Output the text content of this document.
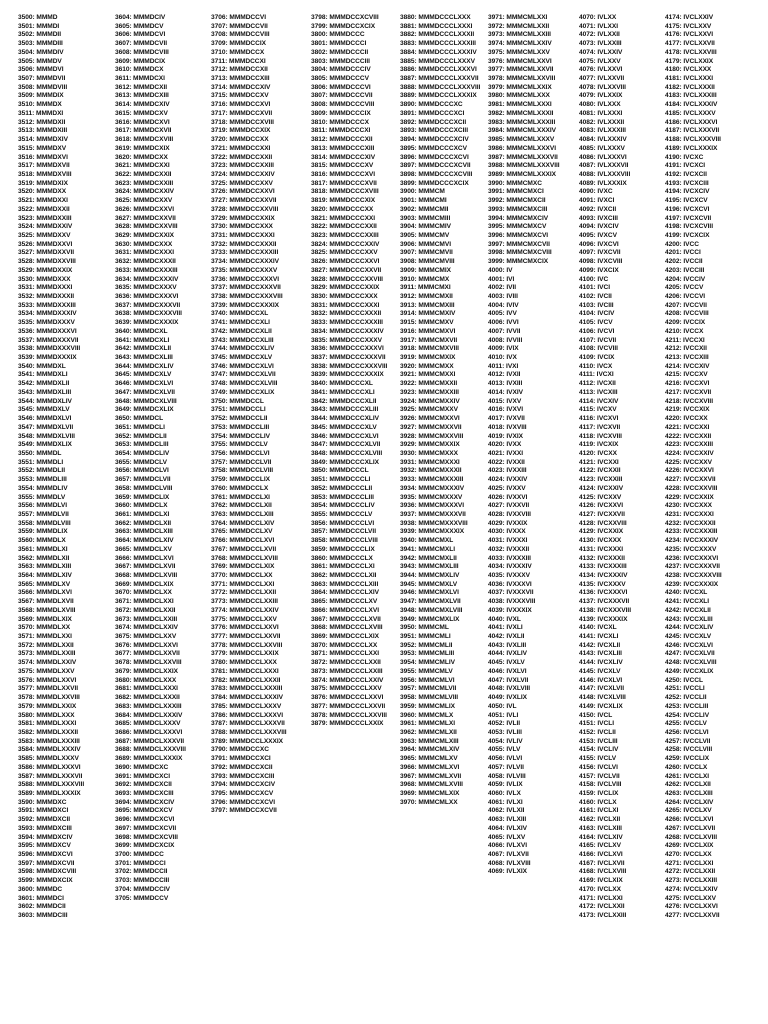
3500: MMMD
3501: MMMDI
3502: MMMDII
3503: MMMDIII
3504: MMMDIV
3505: MMMDV
3506: MMMDVI
3507: MMMDVII
3508: MMMDVIII
3509: MMMDIX
3510: MMMDX
3511: MMMDXI
3512: MMMDXII
3513: MMMDXIII
3514: MMMDXIV
3515: MMMDXV
3516: MMMDXVI
3517: MMMDXVII
3518: MMMDXVIII
3519: MMMDXIX
3520: MMMDXX
3521: MMMDXXI
3522: MMMDXXII
3523: MMMDXXIII
3524: MMMDXXIV
3525: MMMDXXV
3526: MMMDXXVI
3527: MMMDXXVII
3528: MMMDXXVIII
3529: MMMDXXIX
3530: MMMDXXX
3531: MMMDXXXI
3532: MMMDXXXII
3533: MMMDXXXIII
3534: MMMDXXXIV
3535: MMMDXXXV
3536: MMMDXXXVI
3537: MMMDXXXVII
3538: MMMDXXXVIII
3539: MMMDXXXIX
3540: MMMDXL
3541: MMMDXLI
3542: MMMDXLII
3543: MMMDXLIII
3544: MMMDXLIV
3545: MMMDXLV
3546: MMMDXLVI
3547: MMMDXLVII
3548: MMMDXLVIII
3549: MMMDXLIX
3550: MMMDL
3551: MMMDLI
3552: MMMDLII
3553: MMMDLIII
3554: MMMDLIV
3555: MMMDLV
3556: MMMDLVI
3557: MMMDLVII
3558: MMMDLVIII
3559: MMMDLIX
3560: MMMDLX
3561: MMMDLXI
3562: MMMDLXII
3563: MMMDLXIII
3564: MMMDLXIV
3565: MMMDLXV
3566: MMMDLXVI
3567: MMMDLXVII
3568: MMMDLXVIII
3569: MMMDLXIX
3570: MMMDLXX
3571: MMMDLXXI
3572: MMMDLXXII
3573: MMMDLXXIII
3574: MMMDLXXIV
3575: MMMDLXXV
3576: MMMDLXXVI
3577: MMMDLXXVII
3578: MMMDLXXVIII
3579: MMMDLXXIX
3580: MMMDLXXX
3581: MMMDLXXXI
3582: MMMDLXXXII
3583: MMMDLXXXIII
3584: MMMDLXXXIV
3585: MMMDLXXXV
3586: MMMDLXXXVI
3587: MMMDLXXXVII
3588: MMMDLXXXVIII
3589: MMMDLXXXIX
3590: MMMDXC
3591: MMMDXCI
3592: MMMDXCII
3593: MMMDXCIII
3594: MMMDXCIV
3595: MMMDXCV
3596: MMMDXCVI
3597: MMMDXCVII
3598: MMMDXCVIII
3599: MMMDXCIX
3600: MMMDC
3601: MMMDCI
3602: MMMDCII
3603: MMMDCIII
3604: MMMDCIV
3605: MMMDCV
3606: MMMDCVI
3607: MMMDCVII
3608: MMMDCVIII
3609: MMMDCIX
3610: MMMDCX
3611: MMMDCXI
3612: MMMDCXII
3613: MMMDCXIII
3614: MMMDCXIV
3615: MMMDCXV
3616: MMMDCXVI
3617: MMMDCXVII
3618: MMMDCXVIII
3619: MMMDCXIX
3620: MMMDCXX
3621: MMMDCXXI
3622: MMMDCXXII
3623: MMMDCXXIII
3624: MMMDCXXIV
3625: MMMDCXXV
3626: MMMDCXXVI
3627: MMMDCXXVII
3628: MMMDCXXVIII
3629: MMMDCXXIX
3630: MMMDCXXX
3631: MMMDCXXXI
3632: MMMDCXXXII
3633: MMMDCXXXIII
3634: MMMDCXXXIV
3635: MMMDCXXXV
3636: MMMDCXXXVI
3637: MMMDCXXXVII
3638: MMMDCXXXVIII
3639: MMMDCXXXIX
3640: MMMDCXL
3641: MMMDCXLI
3642: MMMDCXLII
3643: MMMDCXLIII
3644: MMMDCXLIV
3645: MMMDCXLV
3646: MMMDCXLVI
3647: MMMDCXLVII
3648: MMMDCXLVIII
3649: MMMDCXLIX
3650: MMMDCL
3651: MMMDCLI
3652: MMMDCLII
3653: MMMDCLIII
3654: MMMDCLIV
3655: MMMDCLV
3656: MMMDCLVI
3657: MMMDCLVII
3658: MMMDCLVIII
3659: MMMDCLIX
3660: MMMDCLX
3661: MMMDCLXI
3662: MMMDCLXII
3663: MMMDCLXIII
3664: MMMDCLXIV
3665: MMMDCLXV
3666: MMMDCLXVI
3667: MMMDCLXVII
3668: MMMDCLXVIII
3669: MMMDCLXIX
3670: MMMDCLXX
3671: MMMDCLXXI
3672: MMMDCLXXII
3673: MMMDCLXXIII
3674: MMMDCLXXIV
3675: MMMDCLXXV
3676: MMMDCLXXVI
3677: MMMDCLXXVII
3678: MMMDCLXXVIII
3679: MMMDCLXXIX
3680: MMMDCLXXX
3681: MMMDCLXXXI
3682: MMMDCLXXXII
3683: MMMDCLXXXIII
3684: MMMDCLXXXIV
3685: MMMDCLXXXV
3686: MMMDCLXXXVI
3687: MMMDCLXXXVII
3688: MMMDCLXXXVIII
3689: MMMDCLXXXIX
3690: MMMDCXC
3691: MMMDCXCI
3692: MMMDCXCII
3693: MMMDCXCIII
3694: MMMDCXCIV
3695: MMMDCXCV
3696: MMMDCXCVI
3697: MMMDCXCVII
3698: MMMDCXCVIII
3699: MMMDCXCIX
3700: MMMDCC
3701: MMMDCCI
3702: MMMDCCII
3703: MMMDCCIII
3704: MMMDCCIV
3705: MMMDCCV
3706: MMMDCCVI
3707: MMMDCCVII
3708: MMMDCCVIII
3709: MMMDCCIX
3710: MMMDCCX
3711: MMMDCCXI
3712: MMMDCCXII
3713: MMMDCCXIII
3714: MMMDCCXIV
3715: MMMDCCXV
3716: MMMDCCXVI
3717: MMMDCCXVII
3718: MMMDCCXVIII
3719: MMMDCCXIX
3720: MMMDCCXX
3721: MMMDCCXXI
3722: MMMDCCXXII
3723: MMMDCCXXIII
3724: MMMDCCXXIV
3725: MMMDCCXXV
3726: MMMDCCXXVI
3727: MMMDCCXXVII
3728: MMMDCCXXVIII
3729: MMMDCCXXIX
3730: MMMDCCXXX
3731: MMMDCCXXXI
3732: MMMDCCXXXII
3733: MMMDCCXXXIII
3734: MMMDCCXXXIV
3735: MMMDCCXXXV
3736: MMMDCCXXXVI
3737: MMMDCCXXXVII
3738: MMMDCCXXXVIII
3739: MMMDCCXXXIX
3740: MMMDCCXL
3741: MMMDCCXLI
3742: MMMDCCXLII
3743: MMMDCCXLIII
3744: MMMDCCXLIV
3745: MMMDCCXLV
3746: MMMDCCXLVI
3747: MMMDCCXLVII
3748: MMMDCCXLVIII
3749: MMMDCCXLIX
3750: MMMDCCL
3751: MMMDCCLI
3752: MMMDCCLII
3753: MMMDCCLIII
3754: MMMDCCLIV
3755: MMMDCCLV
3756: MMMDCCLVI
3757: MMMDCCLVII
3758: MMMDCCLVIII
3759: MMMDCCLIX
3760: MMMDCCLX
3761: MMMDCCLXI
3762: MMMDCCLXII
3763: MMMDCCLXIII
3764: MMMDCCLXIV
3765: MMMDCCLXV
3766: MMMDCCLXVI
3767: MMMDCCLXVII
3768: MMMDCCLXVIII
3769: MMMDCCLXIX
3770: MMMDCCLXX
3771: MMMDCCLXXI
3772: MMMDCCLXXII
3773: MMMDCCLXXIII
3774: MMMDCCLXXIV
3775: MMMDCCLXXV
3776: MMMDCCLXXVI
3777: MMMDCCLXXVII
3778: MMMDCCLXXVIII
3779: MMMDCCLXXIX
3780: MMMDCCLXXX
3781: MMMDCCLXXXI
3782: MMMDCCLXXXII
3783: MMMDCCLXXXIII
3784: MMMDCCLXXXIV
3785: MMMDCCLXXXV
3786: MMMDCCLXXXVI
3787: MMMDCCLXXXVII
3788: MMMDCCLXXXVIII
3789: MMMDCCLXXXIX
3790: MMMDCCXC
3791: MMMDCCXCI
3792: MMMDCCXCII
3793: MMMDCCXCIII
3794: MMMDCCXCIV
3795: MMMDCCXCV
3796: MMMDCCXCVI
3797: MMMDCCXCVII
3798: MMMDCCXCVIII
3799: MMMDCCXCIX
3800: MMMDCCC
3801: MMMDCCCI
3802: MMMDCCCII
3803: MMMDCCCIII
3804: MMMDCCCIV
3805: MMMDCCCV
3806: MMMDCCCVI
3807: MMMDCCCVII
3808: MMMDCCCVIII
3809: MMMDCCCIX
3810: MMMDCCCX
3811: MMMDCCCXI
3812: MMMDCCCXII
3813: MMMDCCCXIII
3814: MMMDCCCXIV
3815: MMMDCCCXV
3816: MMMDCCCXVI
3817: MMMDCCCXVII
3818: MMMDCCCXVIII
3819: MMMDCCCXIX
3820: MMMDCCCXX
3821: MMMDCCCXXI
3822: MMMDCCCXXII
3823: MMMDCCCXXIII
3824: MMMDCCCXXIV
3825: MMMDCCCXXV
3826: MMMDCCCXXVI
3827: MMMDCCCXXVII
3828: MMMDCCCXXVIII
3829: MMMDCCCXXIX
3830: MMMDCCCXXX
3831: MMMDCCCXXXI
3832: MMMDCCCXXXII
3833: MMMDCCCXXXIII
3834: MMMDCCCXXXIV
3835: MMMDCCCXXXV
3836: MMMDCCCXXXVI
3837: MMMDCCCXXXVII
3838: MMMDCCCXXXVIII
3839: MMMDCCCXXXIX
3840: MMMDCCCXL
3841: MMMDCCCXLI
3842: MMMDCCCXLII
3843: MMMDCCCXLIII
3844: MMMDCCCXLIV
3845: MMMDCCCXLV
3846: MMMDCCCXLVI
3847: MMMDCCCXLVII
3848: MMMDCCCXLVIII
3849: MMMDCCCXLIX
3850: MMMDCCCL
3851: MMMDCCCLI
3852: MMMDCCCLII
3853: MMMDCCCLIII
3854: MMMDCCCLIV
3855: MMMDCCCLV
3856: MMMDCCCLVI
3857: MMMDCCCLVII
3858: MMMDCCCLVIII
3859: MMMDCCCLIX
3860: MMMDCCCLX
3861: MMMDCCCLXI
3862: MMMDCCCLXII
3863: MMMDCCCLXIII
3864: MMMDCCCLXIV
3865: MMMDCCCLXV
3866: MMMDCCCLXVI
3867: MMMDCCCLXVII
3868: MMMDCCCLXVIII
3869: MMMDCCCLXIX
3870: MMMDCCCLXX
3871: MMMDCCCLXXI
3872: MMMDCCCLXXII
3873: MMMDCCCLXXIII
3874: MMMDCCCLXXIV
3875: MMMDCCCLXXV
3876: MMMDCCCLXXVI
3877: MMMDCCCLXXVII
3878: MMMDCCCLXXVIII
3879: MMMDCCCLXXIX
3880: MMMDCCCLXXX
3881: MMMDCCCLXXXI
3882: MMMDCCCLXXXII
3883: MMMDCCCLXXXIII
3884: MMMDCCCLXXXIV
3885: MMMDCCCLXXXV
3886: MMMDCCCLXXXVI
3887: MMMDCCCLXXXVII
3888: MMMDCCCLXXXVIII
3889: MMMDCCCLXXXIX
3890: MMMDCCCXC
3891: MMMDCCCXCI
3892: MMMDCCCXCII
3893: MMMDCCCXCIII
3894: MMMDCCCXCIV
3895: MMMDCCCXCV
3896: MMMDCCCXCVI
3897: MMMDCCCXCVII
3898: MMMDCCCXCVIII
3899: MMMDCCCXCIX
3900: MMMCM
3901: MMMCMI
3902: MMMCMII
3903: MMMCMIII
3904: MMMCMIV
3905: MMMCMV
3906: MMMCMVI
3907: MMMCMVII
3908: MMMCMVIII
3909: MMMCMIX
3910: MMMCMX
3911: MMMCMXI
3912: MMMCMXII
3913: MMMCMXIII
3914: MMMCMXIV
3915: MMMCMXV
3916: MMMCMXVI
3917: MMMCMXVII
3918: MMMCMXVIII
3919: MMMCMXIX
3920: MMMCMXX
3921: MMMCMXXI
3922: MMMCMXXII
3923: MMMCMXXIII
3924: MMMCMXXIV
3925: MMMCMXXV
3926: MMMCMXXVI
3927: MMMCMXXVII
3928: MMMCMXXVIII
3929: MMMCMXXIX
3930: MMMCMXXX
3931: MMMCMXXXI
3932: MMMCMXXXII
3933: MMMCMXXXIII
3934: MMMCMXXXIV
3935: MMMCMXXXV
3936: MMMCMXXXVI
3937: MMMCMXXXVII
3938: MMMCMXXXVIII
3939: MMMCMXXXIX
3940: MMMCMXL
3941: MMMCMXLI
3942: MMMCMXLII
3943: MMMCMXLIII
3944: MMMCMXLIV
3945: MMMCMXLV
3946: MMMCMXLVI
3947: MMMCMXLVII
3948: MMMCMXLVIII
3949: MMMCMXLIX
3950: MMMCML
3951: MMMCMLI
3952: MMMCMLII
3953: MMMCMLIII
3954: MMMCMLIV
3955: MMMCMLV
3956: MMMCMLVI
3957: MMMCMLVII
3958: MMMCMLVIII
3959: MMMCMLIX
3960: MMMCMLX
3961: MMMCMLXI
3962: MMMCMLXII
3963: MMMCMLXIII
3964: MMMCMLXIV
3965: MMMCMLXV
3966: MMMCMLXVI
3967: MMMCMLXVII
3968: MMMCMLXVIII
3969: MMMCMLXIX
3970: MMMCMLXX
3971: MMMCMLXXI
3972: MMMCMLXXII
3973: MMMCMLXXIII
3974: MMMCMLXXIV
3975: MMMCMLXXV
3976: MMMCMLXXVI
3977: MMMCMLXXVII
3978: MMMCMLXXVIII
3979: MMMCMLXXIX
3980: MMMCMLXXX
3981: MMMCMLXXXI
3982: MMMCMLXXXII
3983: MMMCMLXXXIII
3984: MMMCMLXXXIV
3985: MMMCMLXXXV
3986: MMMCMLXXXVI
3987: MMMCMLXXXVII
3988: MMMCMLXXXVIII
3989: MMMCMLXXXIX
3990: MMMCMXC
3991: MMMCMXCI
3992: MMMCMXCII
3993: MMMCMXCIII
3994: MMMCMXCIV
3995: MMMCMXCV
3996: MMMCMXCVI
3997: MMMCMXCVII
3998: MMMCMXCVIII
3999: MMMCMXCIX
4000: IV
4001: IVI
4002: IVII
4003: IVIII
4004: IVIV
4005: IVV
4006: IVVI
4007: IVVII
4008: IVVIII
4009: IVIX
4010: IVX
4011: IVXI
4012: IVXII
4013: IVXIII
4014: IVXIV
4015: IVXV
4016: IVXVI
4017: IVXVII
4018: IVXVIII
4019: IVXIX
4020: IVXX
4021: IVXXI
4022: IVXXII
4023: IVXXIII
4024: IVXXIV
4025: IVXXV
4026: IVXXVI
4027: IVXXVII
4028: IVXXVIII
4029: IVXXIX
4030: IVXXX
4031: IVXXXI
4032: IVXXXII
4033: IVXXXIII
4034: IVXXXIV
4035: IVXXXV
4036: IVXXXVI
4037: IVXXXVII
4038: IVXXXVIII
4039: IVXXXIX
4040: IVXL
4041: IVXLI
4042: IVXLII
4043: IVXLIII
4044: IVXLIV
4045: IVXLV
4046: IVXLVI
4047: IVXLVII
4048: IVXLVIII
4049: IVXLIX
4050: IVL
4051: IVLI
4052: IVLII
4053: IVLIII
4054: IVLIV
4055: IVLV
4056: IVLVI
4057: IVLVII
4058: IVLVIII
4059: IVLIX
4060: IVLX
4061: IVLXI
4062: IVLXII
4063: IVLXIII
4064: IVLXIV
4065: IVLXV
4066: IVLXVI
4067: IVLXVII
4068: IVLXVIII
4069: IVLXIX
4070: IVLXX
4071: IVLXXI
4072: IVLXXII
4073: IVLXXIII
4074: IVLXXIV
4075: IVLXXV
4076: IVLXXVI
4077: IVLXXVII
4078: IVLXXVIII
4079: IVLXXIX
4080: IVLXXX
4081: IVLXXXI
4082: IVLXXXII
4083: IVLXXXIII
4084: IVLXXXIV
4085: IVLXXXV
4086: IVLXXXVI
4087: IVLXXXVII
4088: IVLXXXVIII
4089: IVLXXXIX
4090: IVXC
4091: IVXCI
4092: IVXCII
4093: IVXCIII
4094: IVXCIV
4095: IVXCV
4096: IVXCVI
4097: IVXCVII
4098: IVXCVIII
4099: IVXCIX
4100: IVC
4101: IVCI
4102: IVCII
4103: IVCIII
4104: IVCIV
4105: IVCV
4106: IVCVI
4107: IVCVII
4108: IVCVIII
4109: IVCIX
4110: IVCX
4111: IVCXI
4112: IVCXII
4113: IVCXIII
4114: IVCXIV
4115: IVCXV
4116: IVCXVI
4117: IVCXVII
4118: IVCXVIII
4119: IVCXIX
4120: IVCXX
4121: IVCXXI
4122: IVCXXII
4123: IVCXXIII
4124: IVCXXIV
4125: IVCXXV
4126: IVCXXVI
4127: IVCXXVII
4128: IVCXXVIII
4129: IVCXXIX
4130: IVCXXX
4131: IVCXXXI
4132: IVCXXXII
4133: IVCXXXIII
4134: IVCXXXIV
4135: IVCXXXV
4136: IVCXXXVI
4137: IVCXXXVII
4138: IVCXXXVIII
4139: IVCXXXIX
4140: IVCXL
4141: IVCXLI
4142: IVCXLII
4143: IVCXLIII
4144: IVCXLIV
4145: IVCXLV
4146: IVCXLVI
4147: IVCXLVII
4148: IVCXLVIII
4149: IVCXLIX
4150: IVCL
4151: IVCLI
4152: IVCLII
4153: IVCLIII
4154: IVCLIV
4155: IVCLV
4156: IVCLVI
4157: IVCLVII
4158: IVCLVIII
4159: IVCLIX
4160: IVCLX
4161: IVCLXI
4162: IVCLXII
4163: IVCLXIII
4164: IVCLXIV
4165: IVCLXV
4166: IVCLXVI
4167: IVCLXVII
4168: IVCLXVIII
4169: IVCLXIX
4170: IVCLXX
4171: IVCLXXI
4172: IVCLXXII
4173: IVCLXXIII
4174: IVCLXXIV
4175: IVCLXXV
4176: IVCLXXVI
4177: IVCLXXVII
4178: IVCLXXVIII
4179: IVCLXXIX
4180: IVCLXXX
4181: IVCLXXXI
4182: IVCLXXXII
4183: IVCLXXXIII
4184: IVCLXXXIV
4185: IVCLXXXV
4186: IVCLXXXVI
4187: IVCLXXXVII
4188: IVCLXXXVIII
4189: IVCLXXXIX
4190: IVCXC
4191: IVCXCI
4192: IVCXCII
4193: IVCXCIII
4194: IVCXCIV
4195: IVCXCV
4196: IVCXCVI
4197: IVCXCVII
4198: IVCXCVIII
4199: IVCXCIX
4200: IVCC
4201: IVCCI
4202: IVCCII
4203: IVCCIII
4204: IVCCIV
4205: IVCCV
4206: IVCCVI
4207: IVCCVII
4208: IVCCVIII
4209: IVCCIX
4210: IVCCX
4211: IVCCXI
4212: IVCCXII
4213: IVCCXIII
4214: IVCCXIV
4215: IVCCXV
4216: IVCCXVI
4217: IVCCXVII
4218: IVCCXVIII
4219: IVCCXIX
4220: IVCCXX
4221: IVCCXXI
4222: IVCCXXII
4223: IVCCXXIII
4224: IVCCXXIV
4225: IVCCXXV
4226: IVCCXXVI
4227: IVCCXXVII
4228: IVCCXXVIII
4229: IVCCXXIX
4230: IVCCXXX
4231: IVCCXXXI
4232: IVCCXXXII
4233: IVCCXXXIII
4234: IVCCXXXIV
4235: IVCCXXXV
4236: IVCCXXXVI
4237: IVCCXXXVII
4238: IVCCXXXVIII
4239: IVCCXXXIX
4240: IVCCXL
4241: IVCCXLI
4242: IVCCXLII
4243: IVCCXLIII
4244: IVCCXLIV
4245: IVCCXLV
4246: IVCCXLVI
4247: IVCCXLVII
4248: IVCCXLVIII
4249: IVCCXLIX
4250: IVCCL
4251: IVCCLI
4252: IVCCLII
4253: IVCCLIII
4254: IVCCLIV
4255: IVCCLV
4256: IVCCLVI
4257: IVCCLVII
4258: IVCCLVIII
4259: IVCCLIX
4260: IVCCLX
4261: IVCCLXI
4262: IVCCLXII
4263: IVCCLXIII
4264: IVCCLXIV
4265: IVCCLXV
4266: IVCCLXVI
4267: IVCCLXVII
4268: IVCCLXVIII
4269: IVCCLXIX
4270: IVCCLXX
4271: IVCCLXXI
4272: IVCCLXXII
4273: IVCCLXXIII
4274: IVCCLXXIV
4275: IVCCLXXV
4276: IVCCLXXVI
4277: IVCCLXXVII
